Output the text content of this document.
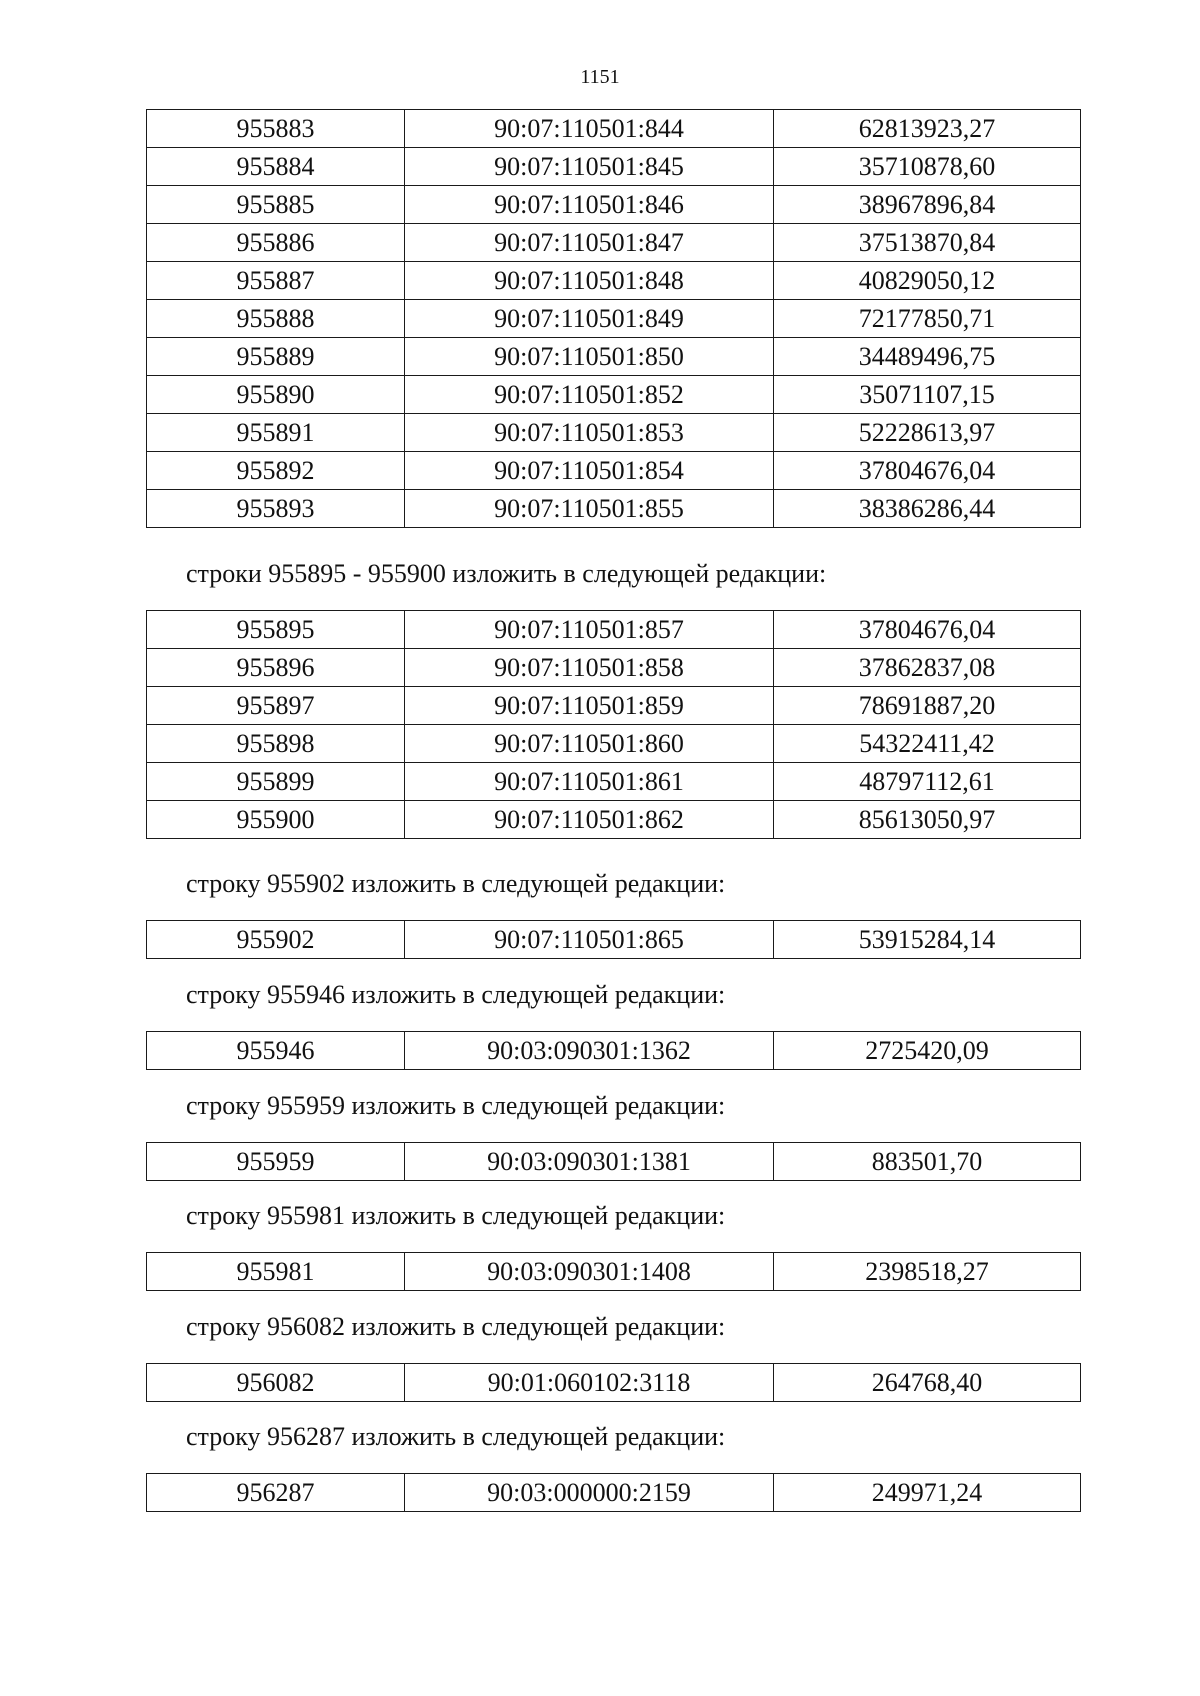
1151
955883	90:07:110501:844	62813923,27
955884	90:07:110501:845	35710878,60
955885	90:07:110501:846	38967896,84
955886	90:07:110501:847	37513870,84
955887	90:07:110501:848	40829050,12
955888	90:07:110501:849	72177850,71
955889	90:07:110501:850	34489496,75
955890	90:07:110501:852	35071107,15
955891	90:07:110501:853	52228613,97
955892	90:07:110501:854	37804676,04
955893	90:07:110501:855	38386286,44
строки 955895 - 955900 изложить в следующей редакции:
955895	90:07:110501:857	37804676,04
955896	90:07:110501:858	37862837,08
955897	90:07:110501:859	78691887,20
955898	90:07:110501:860	54322411,42
955899	90:07:110501:861	48797112,61
955900	90:07:110501:862	85613050,97
строку 955902 изложить в следующей редакции:
955902	90:07:110501:865	53915284,14
строку 955946 изложить в следующей редакции:
955946	90:03:090301:1362	2725420,09
строку 955959 изложить в следующей редакции:
955959	90:03:090301:1381	883501,70
строку 955981 изложить в следующей редакции:
955981	90:03:090301:1408	2398518,27
строку 956082 изложить в следующей редакции:
956082	90:01:060102:3118	264768,40
строку 956287 изложить в следующей редакции:
956287	90:03:000000:2159	249971,24
